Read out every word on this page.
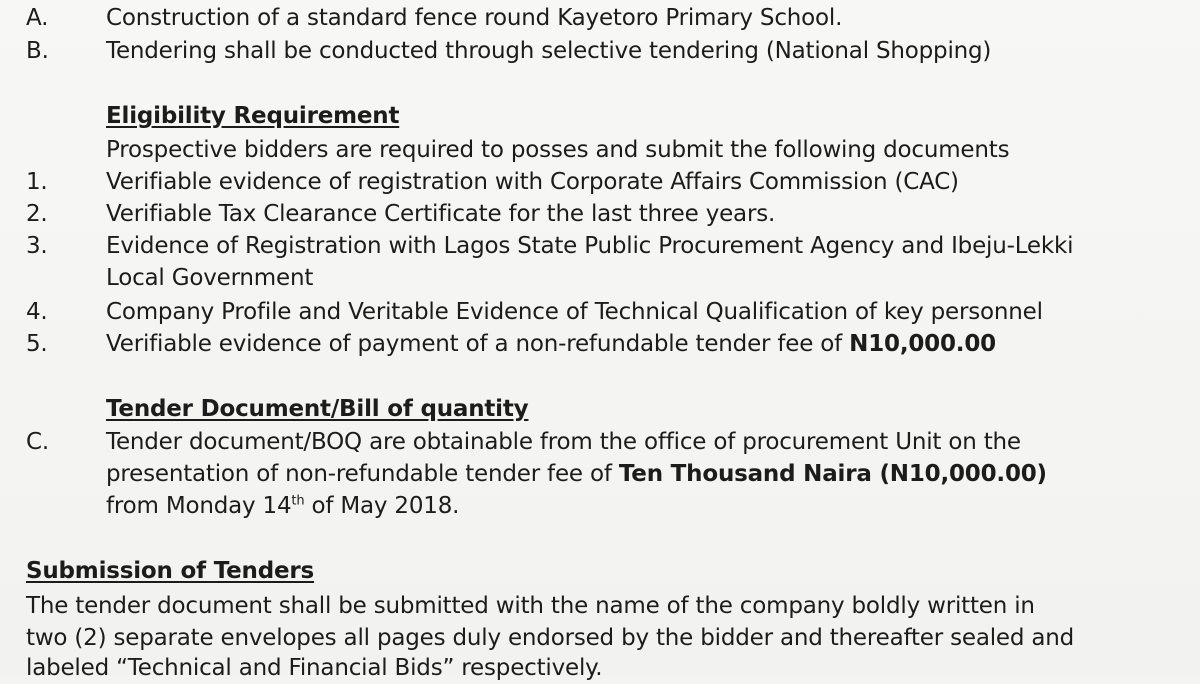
A.	Construction of a standard fence round Kayetoro Primary School.
B. Tendering shall be conducted through selective tendering (National Shopping)
Eligibility Requirement
Prospective bidders are required to posses and submit the following documents
1.	Verifiable evidence of registration with Corporate Affairs Commission (CAC)
2.	Verifiable Tax Clearance Certificate for the last three years.
3.	Evidence of Registration with Lagos State Public Procurement Agency and Ibeju-Lekki
Local Government
4.	Company Profile and Veritable Evidence of Technical Qualification of key personnel
5.	Verifiable evidence of payment of a non-refundable tender fee of N10,000.00
Tender Document/Bill of quantity
C. Tender document/BOQ are obtainable from the office of procurement Unit on the
presentation of non-refundable tender fee of Ten Thousand Naira (N10,000.00)
from Monday 14th of May 2018.
Submission of Tenders
The tender document shall be submitted with the name of the company boldly written in
two (2) separate envelopes all pages duly endorsed by the bidder and thereafter sealed and
labeled “Technical and Financial Bids” respectively.
